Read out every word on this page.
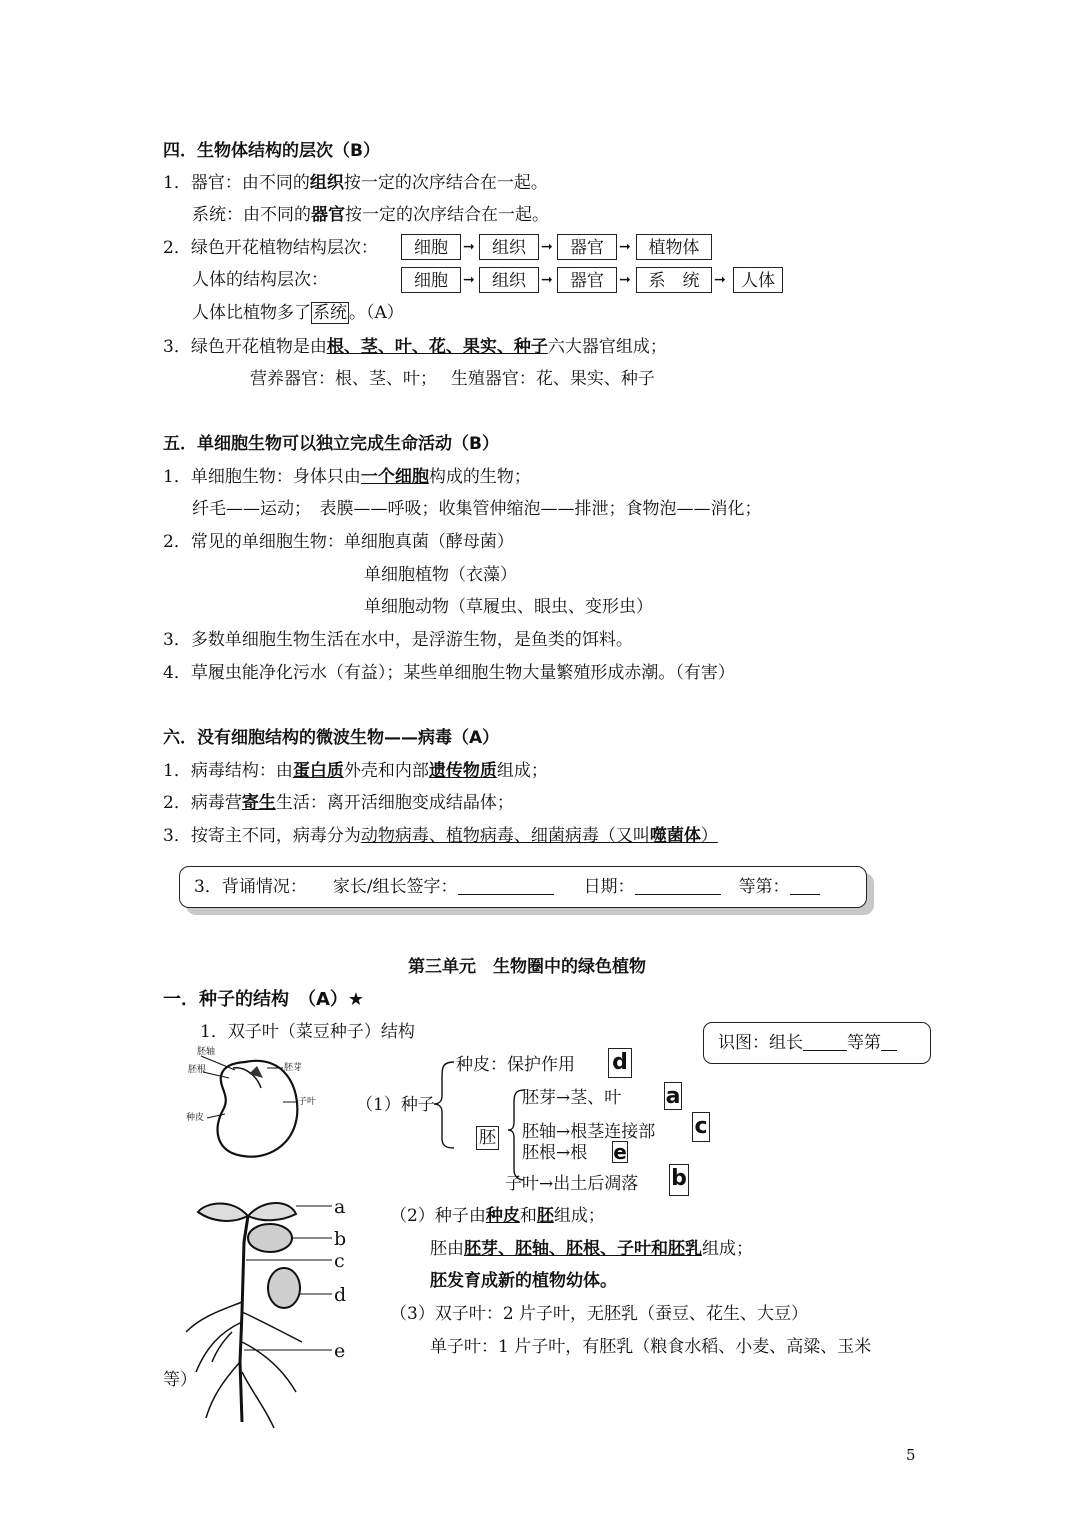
四．生物体结构的层次（B）
1．器官：由不同的组织按一定的次序结合在一起。
系统：由不同的器官按一定的次序结合在一起。
2．绿色开花植物结构层次：	细胞	➞	组织	➞	器官	➞	植物体
人体的结构层次：	细胞	➞	组织	➞	器官	➞	系　统	➞ 人体
人体比植物多了 系统 。（A）
3．绿色开花植物是由根、茎、叶、花、果实、种子六大器官组成；
营养器官：根、茎、叶；　 生殖器官：花、果实、种子
五．单细胞生物可以独立完成生命活动（B）
1．单细胞生物：身体只由一个细胞构成的生物；
纤毛——运动；　表膜——呼吸；收集管伸缩泡——排泄；食物泡——消化；
2．常见的单细胞生物：单细胞真菌（酵母菌）
单细胞植物（衣藻）
单细胞动物（草履虫、眼虫、变形虫）
3．多数单细胞生物生活在水中，是浮游生物，是鱼类的饵料。
4．草履虫能净化污水（有益）；某些单细胞生物大量繁殖形成赤潮。（有害）
六．没有细胞结构的微波生物——病毒（A）
1．病毒结构：由蛋白质外壳和内部遗传物质组成；
2．病毒营寄生生活：离开活细胞变成结晶体；
3．按寄主不同，病毒分为动物病毒、植物病毒、细菌病毒（又叫噬菌体）
3．背诵情况： 家长/组长签字：	日期：	等第：
第三单元　生物圈中的绿色植物
一．种子的结构　（A）★
1．双子叶（菜豆种子）结构
识图：组长	等第
胚轴
胚根
种皮
胚芽
子叶 （1）种子
种皮：保护作用 d
胚
胚芽→茎、叶 a
胚轴→根茎连接部 c
胚根→根 e
子叶→出土后凋落 b
a
b
c
d
e
（2）种子由种皮和胚组成；
胚由胚芽、胚轴、胚根、子叶和胚乳组成；
胚发育成新的植物幼体。
（3）双子叶：2 片子叶，无胚乳（蚕豆、花生、大豆）
单子叶：1 片子叶，有胚乳（粮食水稻、小麦、高粱、玉米
等）
5
